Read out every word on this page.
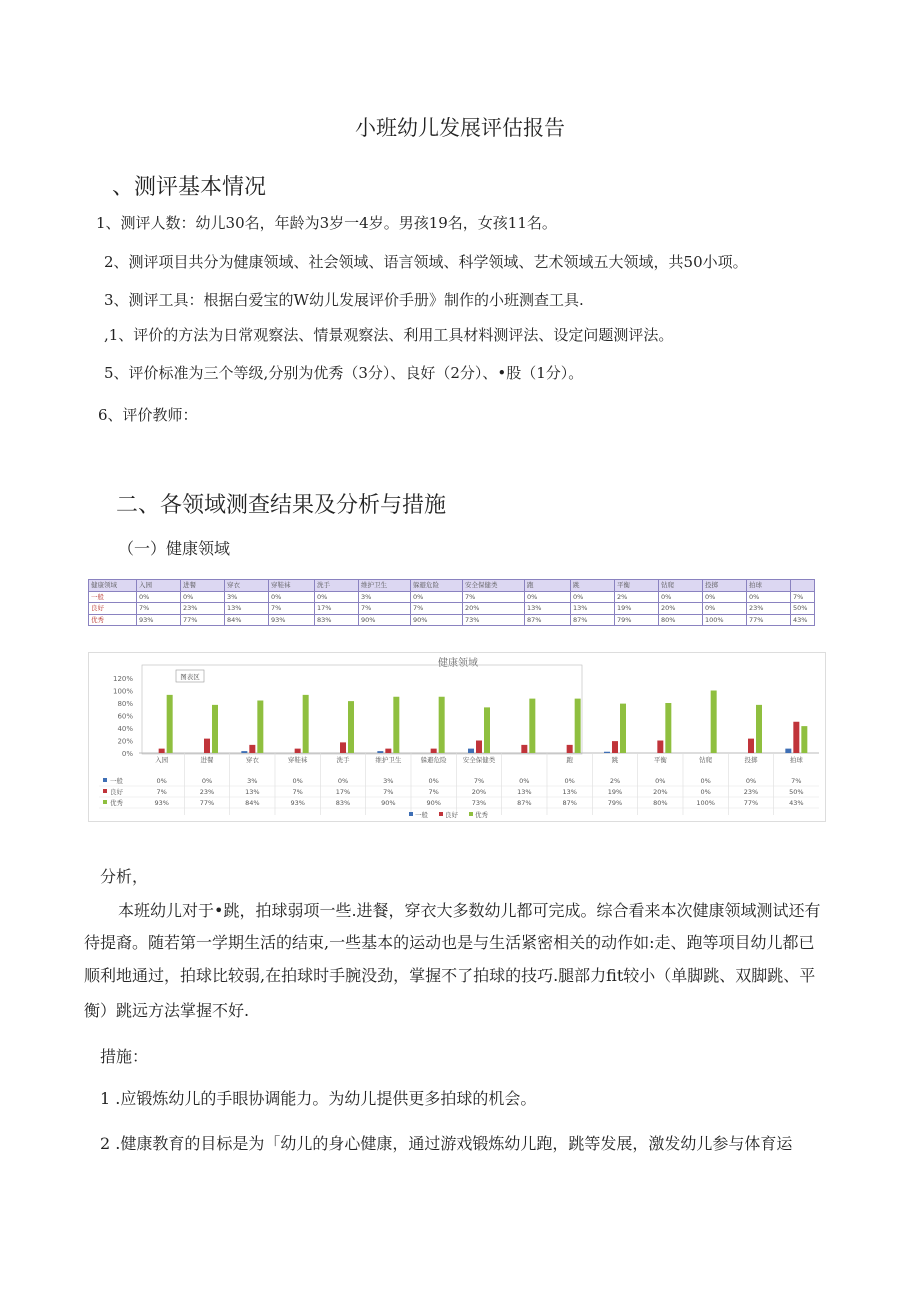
小班幼儿发展评估报告
、测评基本情况
1、测评人数：幼儿30名，年龄为3岁一4岁。男孩19名，女孩11名。
2、测评项目共分为健康领域、社会领域、语言领域、科学领域、艺术领域五大领域，共50小项。
3、测评工具：根据白爱宝的W幼儿发展评价手册》制作的小班测查工具.
,1、评价的方法为日常观察法、情景观察法、利用工具材料测评法、设定问题测评法。
5、评价标准为三个等级,分别为优秀（3分）、良好（2分）、•股（1分）。
6、评价教师：
二、各领域测查结果及分析与措施
（一）健康领域
健康领域	入园	进餐	穿衣	穿鞋袜	洗手	维护卫生	躲避危险	安全保健类	跑	跳	平衡	钻爬	投掷	拍球		
一般	0%	0%	3%	0%	0%	3%	0%	7%	0%	0%	2%	0%	0%	0%	7%	
良好	7%	23%	13%	7%	17%	7%	7%	20%	13%	13%	19%	20%	0%	23%	50%	
优秀	93%	77%	84%	93%	83%	90%	90%	73%	87%	87%	79%	80%	100%	77%	43%	
健康领域
0%
20%
40%
60%
80%
100%
120%	图表区
入园	进餐	穿衣	穿鞋袜	洗手	维护卫生	躲避危险 安全保健类	跑	跳	平衡	钻爬	投掷	拍球
一般	0%	0%	3%	0%	0%	3%	0%	7%	0%	0%	2%	0%	0%	0%	7%
良好	7%	23%	13%	7%	17%	7%	7%	20%	13%	13%	19%	20%	0%	23%	50%
优秀	93%	77%	84%	93%	83%	90%	90%	73%	87%	87%	79%	80%	100%	77%	43%
一般	良好	优秀
分析，
本班幼儿对于•跳，拍球弱项一些.进餐，穿衣大多数幼儿都可完成。综合看来本次健康领域测试还有
待提裔。随若第一学期生活的结束,一些基本的运动也是与生活紧密相关的动作如:走、跑等项目幼儿都已
顺利地通过，拍球比较弱,在拍球时手腕没劲，掌握不了拍球的技巧.腿部力fit较小（单脚跳、双脚跳、平
衡）跳远方法掌握不好.
措施：
1 .应锻炼幼儿的手眼协调能力。为幼儿提供更多拍球的机会。
2 .健康教育的目标是为「幼儿的身心健康，通过游戏锻炼幼儿跑，跳等发展，激发幼儿参与体育运
